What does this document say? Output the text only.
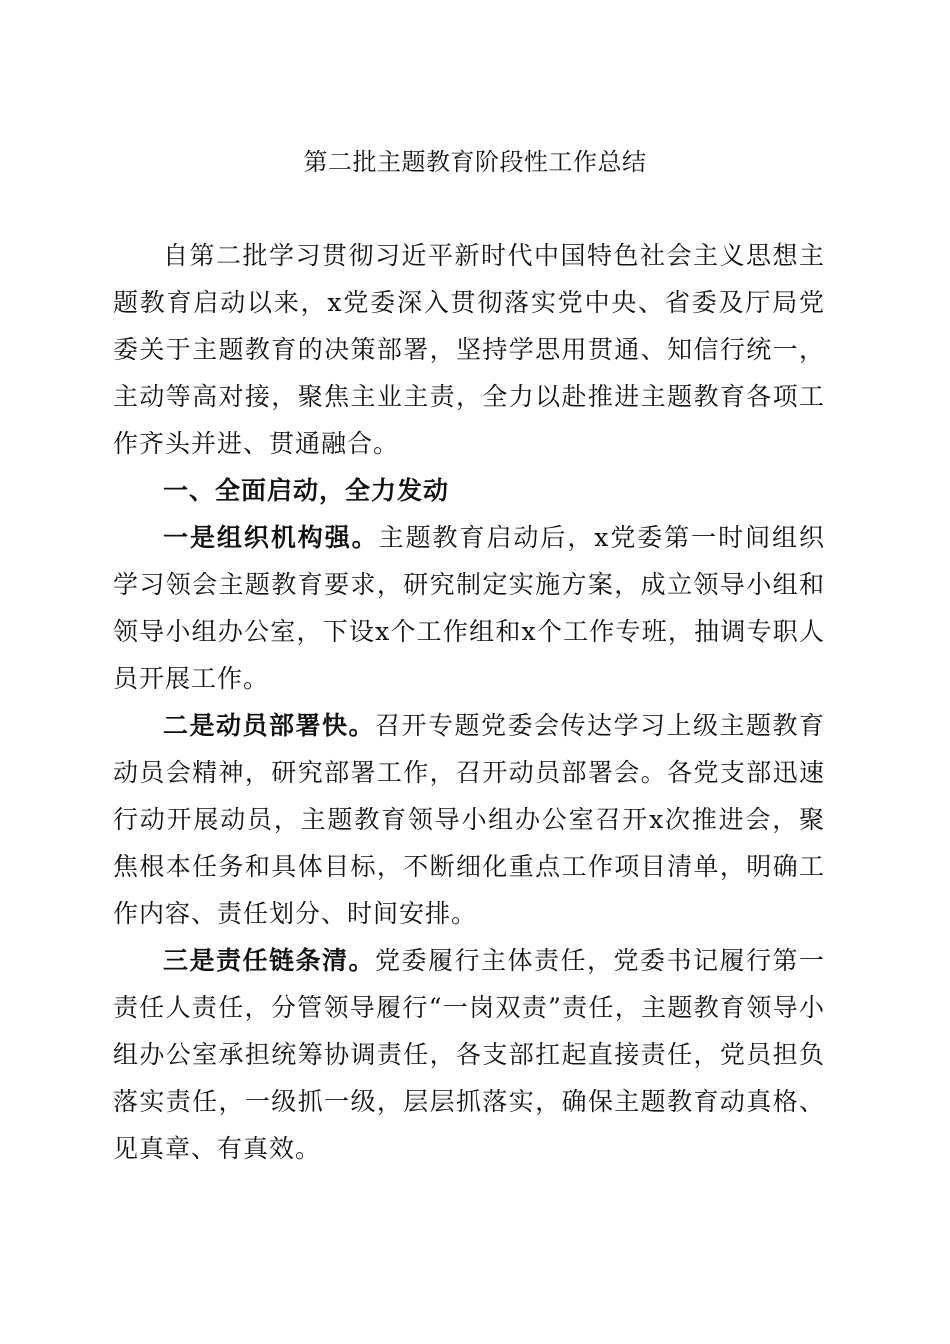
第二批主题教育阶段性工作总结

自第二批学习贯彻习近平新时代中国特色社会主义思想主题教育启动以来，x党委深入贯彻落实党中央、省委及厅局党委关于主题教育的决策部署，坚持学思用贯通、知信行统一，主动等高对接，聚焦主业主责，全力以赴推进主题教育各项工作齐头并进、贯通融合。

一、全面启动，全力发动

一是组织机构强。主题教育启动后，x党委第一时间组织学习领会主题教育要求，研究制定实施方案，成立领导小组和领导小组办公室，下设x个工作组和x个工作专班，抽调专职人员开展工作。

二是动员部署快。召开专题党委会传达学习上级主题教育动员会精神，研究部署工作，召开动员部署会。各党支部迅速行动开展动员，主题教育领导小组办公室召开x次推进会，聚焦根本任务和具体目标，不断细化重点工作项目清单，明确工作内容、责任划分、时间安排。

三是责任链条清。党委履行主体责任，党委书记履行第一责任人责任，分管领导履行“一岗双责”责任，主题教育领导小组办公室承担统筹协调责任，各支部扛起直接责任，党员担负落实责任，一级抓一级，层层抓落实，确保主题教育动真格、见真章、有真效。
